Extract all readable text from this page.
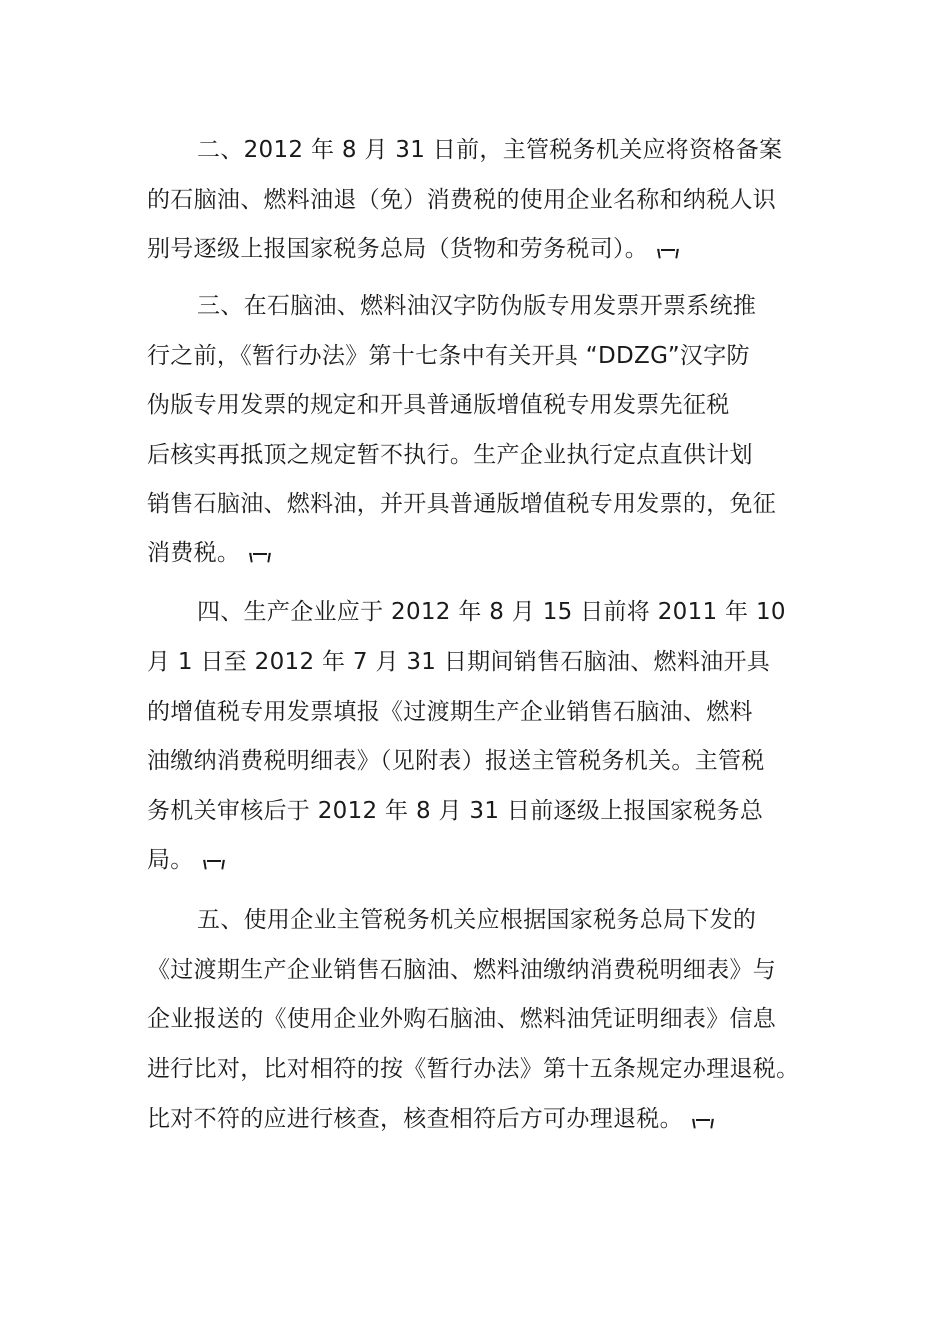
二、2012 年 8 月 31 日前，主管税务机关应将资格备案
的石脑油、燃料油退（免）消费税的使用企业名称和纳税人识
别号逐级上报国家税务总局（货物和劳务税司）。
三、在石脑油、燃料油汉字防伪版专用发票开票系统推
行之前，《暂行办法》第十七条中有关开具 “DDZG”汉字防
伪版专用发票的规定和开具普通版增值税专用发票先征税
后核实再抵顶之规定暂不执行。生产企业执行定点直供计划
销售石脑油、燃料油，并开具普通版增值税专用发票的，免征
消费税。
四、生产企业应于 2012 年 8 月 15 日前将 2011 年 10
月 1 日至 2012 年 7 月 31 日期间销售石脑油、燃料油开具
的增值税专用发票填报《过渡期生产企业销售石脑油、燃料
油缴纳消费税明细表》（见附表）报送主管税务机关。主管税
务机关审核后于 2012 年 8 月 31 日前逐级上报国家税务总
局。
五、使用企业主管税务机关应根据国家税务总局下发的
《过渡期生产企业销售石脑油、燃料油缴纳消费税明细表》与
企业报送的《使用企业外购石脑油、燃料油凭证明细表》信息
进行比对，比对相符的按《暂行办法》第十五条规定办理退税。
比对不符的应进行核查，核查相符后方可办理退税。
